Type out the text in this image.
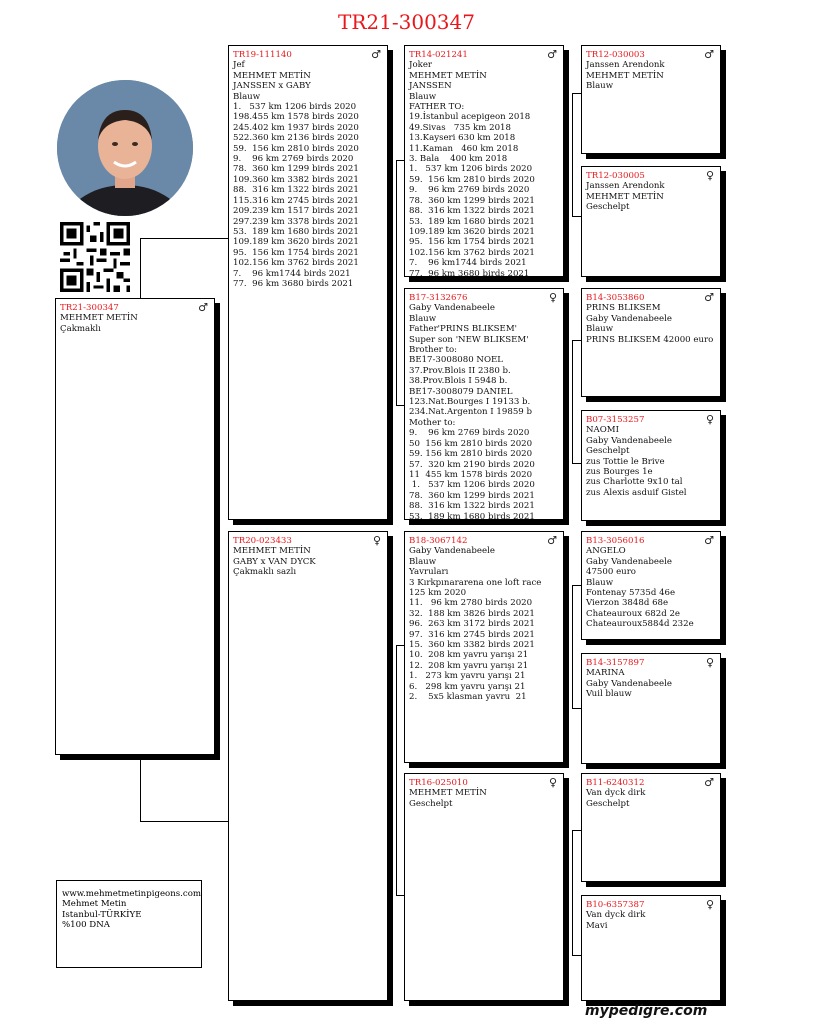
TR21-300347
TR21-300347	♂
MEHMET METİN
Çakmaklı
TR19-111140	♂
Jef
MEHMET METİN
JANSSEN x GABY
Blauw
1.   537 km 1206 birds 2020
198.455 km 1578 birds 2020
245.402 km 1937 birds 2020
522.360 km 2136 birds 2020
59.  156 km 2810 birds 2020
9.    96 km 2769 birds 2020
78.  360 km 1299 birds 2021
109.360 km 3382 birds 2021
88.  316 km 1322 birds 2021
115.316 km 2745 birds 2021
209.239 km 1517 birds 2021
297.239 km 3378 birds 2021
53.  189 km 1680 birds 2021
109.189 km 3620 birds 2021
95.  156 km 1754 birds 2021
102.156 km 3762 birds 2021
7.    96 km1744 birds 2021
77.  96 km 3680 birds 2021
TR20-023433	♀
MEHMET METİN
GABY x VAN DYCK
Çakmaklı sazlı
TR14-021241	♂
Joker
MEHMET METİN
JANSSEN
Blauw
FATHER TO:
19.İstanbul acepigeon 2018
49.Sivas   735 km 2018
13.Kayseri 630 km 2018
11.Kaman   460 km 2018
3. Bala    400 km 2018
1.   537 km 1206 birds 2020
59.  156 km 2810 birds 2020
9.    96 km 2769 birds 2020
78.  360 km 1299 birds 2021
88.  316 km 1322 birds 2021
53.  189 km 1680 birds 2021
109.189 km 3620 birds 2021
95.  156 km 1754 birds 2021
102.156 km 3762 birds 2021
7.    96 km1744 birds 2021
77.  96 km 3680 birds 2021
B17-3132676	♀
Gaby Vandenabeele
Blauw
Father'PRINS BLIKSEM'
Super son 'NEW BLIKSEM'
Brother to:
BE17-3008080 NOEL
37.Prov.Blois II 2380 b.
38.Prov.Blois I 5948 b.
BE17-3008079 DANIEL
123.Nat.Bourges I 19133 b.
234.Nat.Argenton I 19859 b
Mother to:
9.    96 km 2769 birds 2020
50  156 km 2810 birds 2020
59. 156 km 2810 birds 2020
57.  320 km 2190 birds 2020
11  455 km 1578 birds 2020
1.   537 km 1206 birds 2020
78.  360 km 1299 birds 2021
88.  316 km 1322 birds 2021
53.  189 km 1680 birds 2021
B18-3067142	♂
Gaby Vandenabeele
Blauw
Yavruları
3 Kırkpınararena one loft race
125 km 2020
11.   96 km 2780 birds 2020
32.  188 km 3826 birds 2021
96.  263 km 3172 birds 2021
97.  316 km 2745 birds 2021
15.  360 km 3382 birds 2021
10.  208 km yavru yarışı 21
12.  208 km yavru yarışı 21
1.   273 km yavru yarışı 21
6.   298 km yavru yarışı 21
2.    5x5 klasman yavru  21
TR16-025010	♀
MEHMET METİN
Geschelpt
TR12-030003	♂
Janssen Arendonk
MEHMET METİN
Blauw
TR12-030005	♀
Janssen Arendonk
MEHMET METİN
Geschelpt
B14-3053860	♂
PRINS BLIKSEM
Gaby Vandenabeele
Blauw
PRINS BLIKSEM 42000 euro
B07-3153257	♀
NAOMI
Gaby Vandenabeele
Geschelpt
zus Tottie le Brive
zus Bourges 1e
zus Charlotte 9x10 tal
zus Alexis asduif Gistel
B13-3056016	♂
ANGELO
Gaby Vandenabeele
47500 euro
Blauw
Fontenay 5735d 46e
Vierzon 3848d 68e
Chateauroux 682d 2e
Chateauroux5884d 232e
B14-3157897	♀
MARINA
Gaby Vandenabeele
Vuil blauw
B11-6240312	♂
Van dyck dirk
Geschelpt
B10-6357387	♀
Van dyck dirk
Mavi
www.mehmetmetinpigeons.com
Mehmet Metin
Istanbul-TÜRKİYE
%100 DNA
mypedigre.com
